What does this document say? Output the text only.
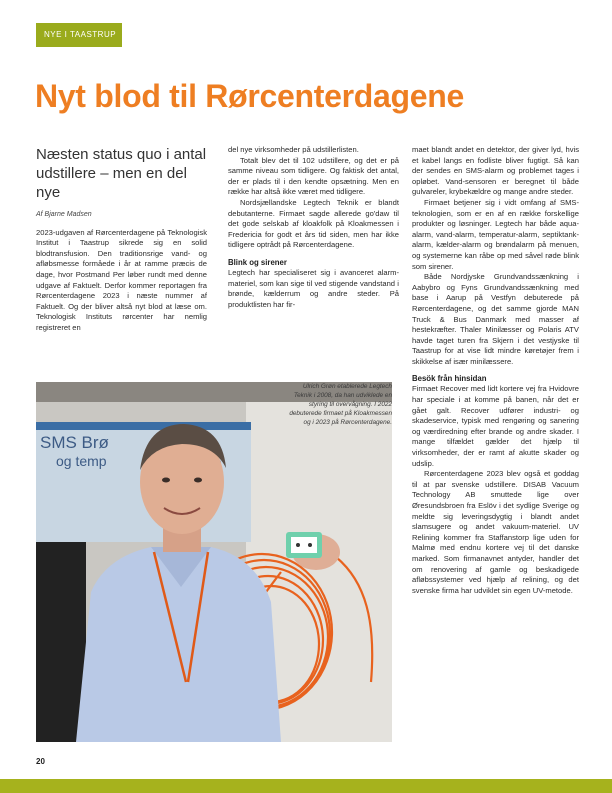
NYE I TAASTRUP
Nyt blod til Rørcenterdagene
Næsten status quo i antal udstillere – men en del nye
Af Bjarne Madsen

2023-udgaven af Rørcenterdagene på Teknologisk Institut i Taastrup sikrede sig en solid blodtransfusion. Den traditionsrige vand- og afløbsmesse formåede i år at ramme præcis de dage, hvor Postmand Per løber rundt med denne udgave af Faktuelt. Derfor kommer reportagen fra Rørcenterdagene 2023 i næste nummer af Faktuelt. Og der bliver altså nyt blod at læse om. Teknologisk Instituts rørcenter har nemlig registreret en

del nye virksomheder på udstillerlisten.

Totalt blev det til 102 udstillere, og det er på samme niveau som tidligere. Og faktisk det antal, der er plads til i den kendte opsætning. Men en række har altså ikke været med tidligere.

Nordsjællandske Legtech Teknik er blandt debutanterne. Firmaet sagde allerede go'daw til det gode selskab af kloakfolk på Kloakmessen i Fredericia for godt et års tid siden, men har ikke tidligere optrådt på Rørcenterdagene.

Blink og sirener

Legtech har specialiseret sig i avanceret alarm-materiel, som kan sige til ved stigende vandstand i brønde, kælderrum og andre steder. På produktlisten har fir-

maet blandt andet en detektor, der giver lyd, hvis et kabel langs en fodliste bliver fugtigt. Så kan der sendes en SMS-alarm og problemet tages i opløbet. Vand-sensoren er beregnet til både gulvareler, krybekældre og mange andre steder.

Firmaet betjener sig i vidt omfang af SMS-teknologien, som er en af en række forskellige produkter og løsninger. Legtech har både aqua-alarm, vand-alarm, temperatur-alarm, septiktank-alarm, kælder-alarm og brøndalarm på menuen, og systemerne kan råbe op med såvel røde blink som sirener.

Både Nordjyske Grundvandssænkning i Aabybro og Fyns Grundvandssænkning med base i Aarup på Vestfyn debuterede på Rørcenterdagene, og det samme gjorde MAN Truck & Bus Danmark med masser af hestekræfter. Thaler Minilæsser og Polaris ATV havde taget turen fra Skjern i det vestjyske til Taastrup for at vise lidt mindre køretøjer frem i skikkelse af især minilæssere.

Besök från hinsidan

Firmaet Recover med lidt kortere vej fra Hvidovre har speciale i at komme på banen, når det er gået galt. Recover udfører industri- og skadeservice, typisk med rengøring og sanering og værdiredning efter brande og andre skader. I mange tilfældet gælder det hjælp til virksomheder, der er ramt af akutte skader og udslip.

Rørcenterdagene 2023 blev også et goddag til at par svenske udstillere. DISAB Vacuum Technology AB smuttede lige over Øresundsbroen fra Eslöv i det sydlige Sverige og meldte sig leveringsdygtig i blandt andet slamsugere og andet vakuum-materiel. UV Relining kommer fra Staffanstorp lige uden for Malmø med endnu kortere vej til det danske marked. Som firmanavnet antyder, handler det om renovering af gamle og beskadigede afløbssystemer ved hjælp af relining, og det svenske firma har udviklet sin egen UV-metode.

SMS Brø
og temp
Ulrich Grøn etablerede Legtech Teknik i 2008, da han udviklede en styring til overvågning. I 2022 debuterede firmaet på Kloakmessen og i 2023 på Rørcenterdagene.
20
